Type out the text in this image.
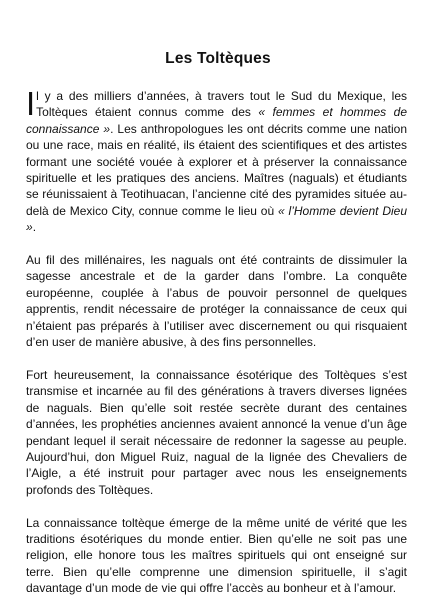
Les Toltèques

Il y a des milliers d’années, à travers tout le Sud du Mexique, les Toltèques étaient connus comme des « femmes et hommes de connaissance ». Les anthropologues les ont décrits comme une nation ou une race, mais en réalité, ils étaient des scientifiques et des artistes formant une société vouée à explorer et à préserver la connaissance spirituelle et les pratiques des anciens. Maîtres (naguals) et étudiants se réunissaient à Teotihuacan, l’ancienne cité des pyramides située au-delà de Mexico City, connue comme le lieu où « l’Homme devient Dieu ».

Au fil des millénaires, les naguals ont été contraints de dissimuler la sagesse ancestrale et de la garder dans l’ombre. La conquête européenne, couplée à l’abus de pouvoir personnel de quelques apprentis, rendit nécessaire de protéger la connaissance de ceux qui n’étaient pas préparés à l’utiliser avec discernement ou qui risquaient d’en user de manière abusive, à des fins personnelles.

Fort heureusement, la connaissance ésotérique des Toltèques s’est transmise et incarnée au fil des générations à travers diverses lignées de naguals. Bien qu’elle soit restée secrète durant des centaines d’années, les prophéties anciennes avaient annoncé la venue d’un âge pendant lequel il serait nécessaire de redonner la sagesse au peuple. Aujourd’hui, don Miguel Ruiz, nagual de la lignée des Chevaliers de l’Aigle, a été instruit pour partager avec nous les enseignements profonds des Toltèques.

La connaissance toltèque émerge de la même unité de vérité que les traditions ésotériques du monde entier. Bien qu’elle ne soit pas une religion, elle honore tous les maîtres spirituels qui ont enseigné sur terre. Bien qu’elle comprenne une dimension spirituelle, il s’agit davantage d’un mode de vie qui offre l’accès au bonheur et à l’amour.
